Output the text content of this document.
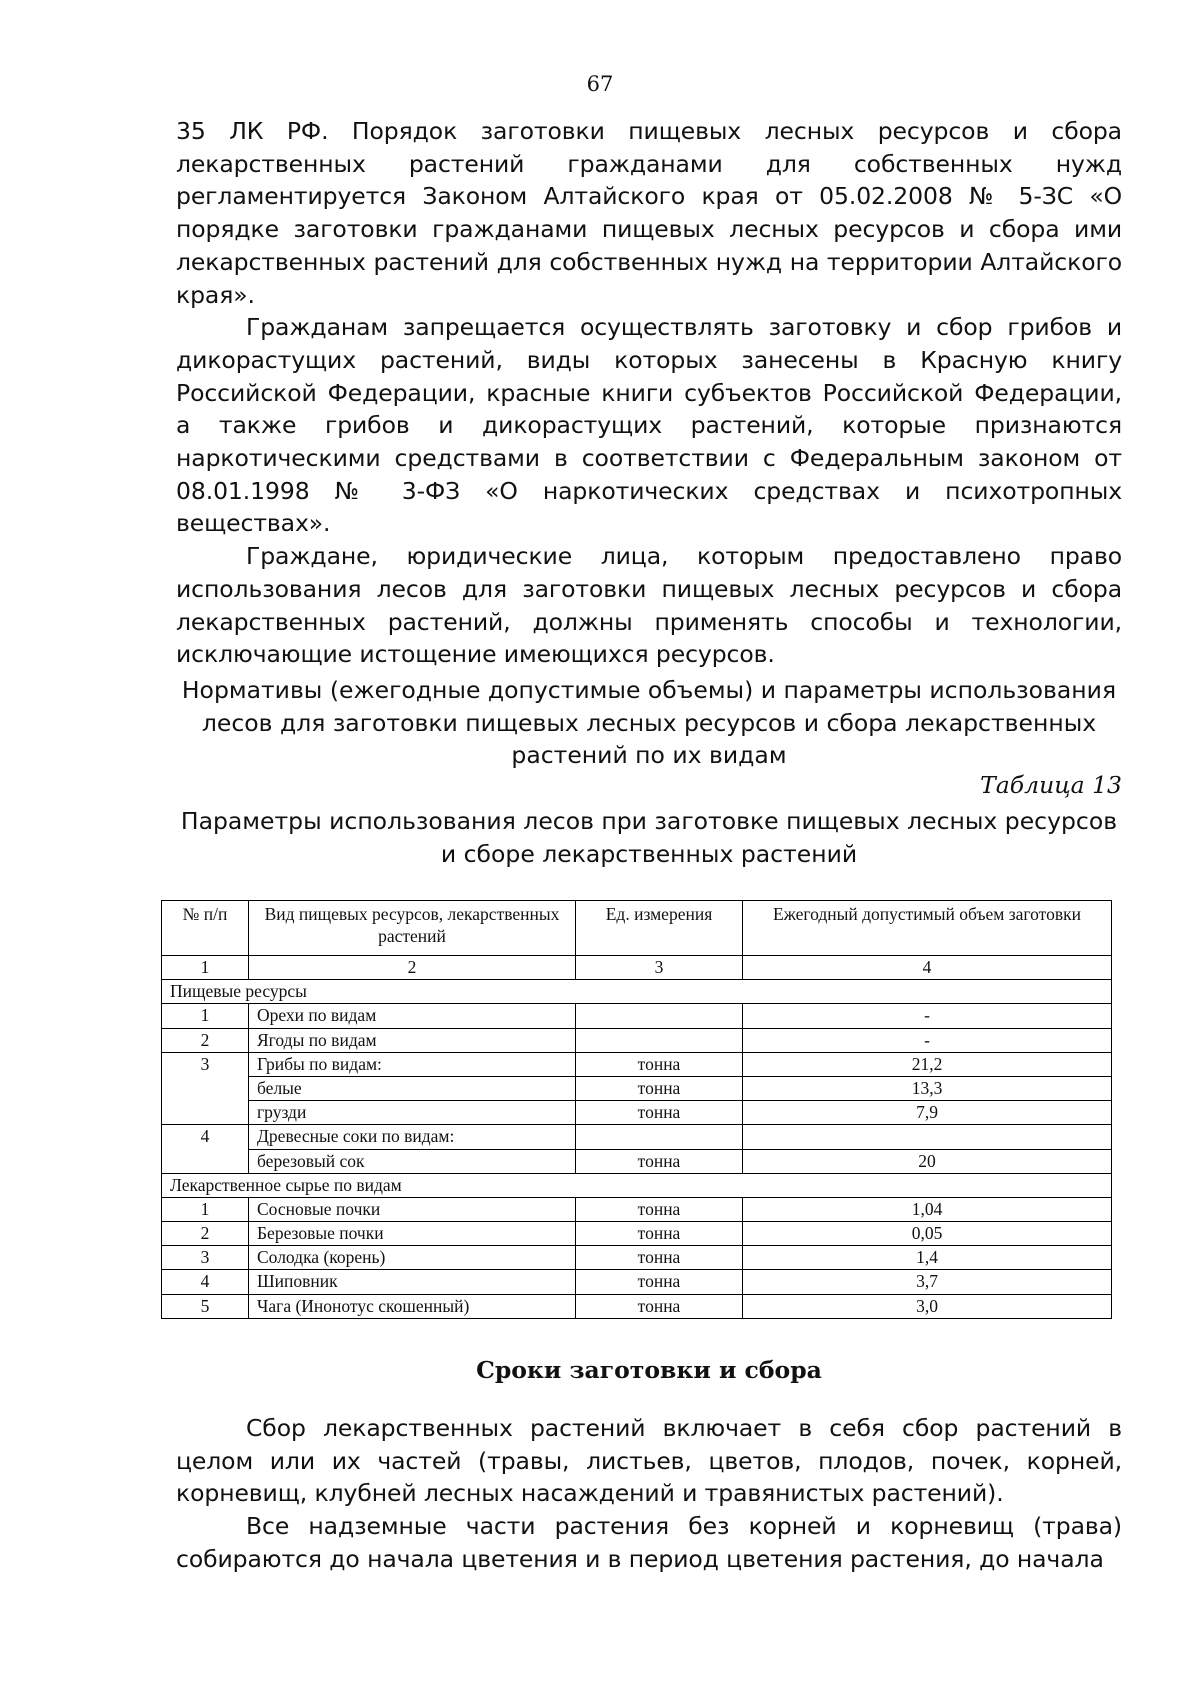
67

35 ЛК РФ. Порядок заготовки пищевых лесных ресурсов и сбора лекарственных растений гражданами для собственных нужд регламентируется Законом Алтайского края от 05.02.2008 № 5-ЗС «О порядке заготовки гражданами пищевых лесных ресурсов и сбора ими лекарственных растений для собственных нужд на территории Алтайского края».

Гражданам запрещается осуществлять заготовку и сбор грибов и дикорастущих растений, виды которых занесены в Красную книгу Российской Федерации, красные книги субъектов Российской Федерации, а также грибов и дикорастущих растений, которые признаются наркотическими средствами в соответствии с Федеральным законом от 08.01.1998 № 3-ФЗ «О наркотических средствах и психотропных веществах».

Граждане, юридические лица, которым предоставлено право использования лесов для заготовки пищевых лесных ресурсов и сбора лекарственных растений, должны применять способы и технологии, исключающие истощение имеющихся ресурсов.

Нормативы (ежегодные допустимые объемы) и параметры использования лесов для заготовки пищевых лесных ресурсов и сбора лекарственных растений по их видам
Таблица 13
Параметры использования лесов при заготовке пищевых лесных ресурсов и сборе лекарственных растений
№ п/п	Вид пищевых ресурсов, лекарственных растений	Ед. измерения	Ежегодный допустимый объем заготовки
1	2	3	4
Пищевые ресурсы			
1	Орехи по видам		-
2	Ягоды по видам		-
3	Грибы по видам:	тонна	21,2
	белые	тонна	13,3
	грузди	тонна	7,9
4	Древесные соки по видам:		
	березовый сок	тонна	20
Лекарственное сырье по видам			
1	Сосновые почки	тонна	1,04
2	Березовые почки	тонна	0,05
3	Солодка (корень)	тонна	1,4
4	Шиповник	тонна	3,7
5	Чага (Инонотус скошенный)	тонна	3,0
Сроки заготовки и сбора

Сбор лекарственных растений включает в себя сбор растений в целом или их частей (травы, листьев, цветов, плодов, почек, корней, корневищ, клубней лесных насаждений и травянистых растений).

Все надземные части растения без корней и корневищ (трава) собираются до начала цветения и в период цветения растения, до начала
